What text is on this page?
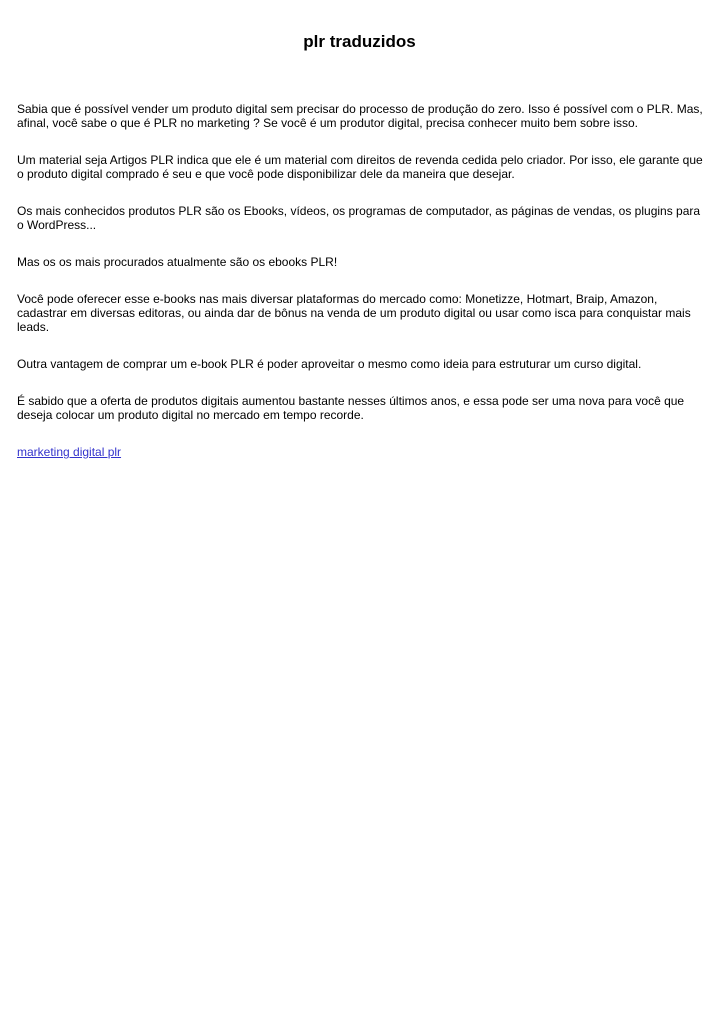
plr traduzidos

Sabia que é possível vender um produto digital sem precisar do processo de produção do zero. Isso é possível com o PLR. Mas, afinal, você sabe o que é PLR no marketing ? Se você é um produtor digital, precisa conhecer muito bem sobre isso.

Um material seja Artigos PLR indica que ele é um material com direitos de revenda cedida pelo criador. Por isso, ele garante que o produto digital comprado é seu e que você pode disponibilizar dele da maneira que desejar.

Os mais conhecidos produtos PLR são os Ebooks, vídeos, os programas de computador, as páginas de vendas, os plugins para o WordPress...

Mas os os mais procurados atualmente são os ebooks PLR!

Você pode oferecer esse e-books nas mais diversar plataformas do mercado como: Monetizze, Hotmart, Braip, Amazon, cadastrar em diversas editoras, ou ainda dar de bônus na venda de um produto digital ou usar como isca para conquistar mais leads.

Outra vantagem de comprar um e-book PLR é poder aproveitar o mesmo como ideia para estruturar um curso digital.

É sabido que a oferta de produtos digitais aumentou bastante nesses últimos anos, e essa pode ser uma nova para você que deseja colocar um produto digital no mercado em tempo recorde.

marketing digital plr
